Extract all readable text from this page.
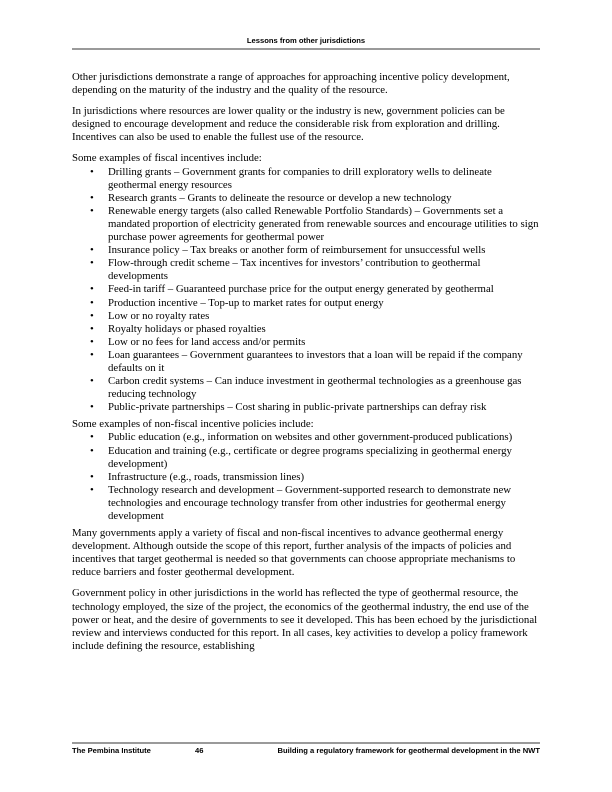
Lessons from other jurisdictions

Other jurisdictions demonstrate a range of approaches for approaching incentive policy development, depending on the maturity of the industry and the quality of the resource.

In jurisdictions where resources are lower quality or the industry is new, government policies can be designed to encourage development and reduce the considerable risk from exploration and drilling. Incentives can also be used to enable the fullest use of the resource.

Some examples of fiscal incentives include:

• Drilling grants – Government grants for companies to drill exploratory wells to delineate geothermal energy resources
• Research grants – Grants to delineate the resource or develop a new technology
• Renewable energy targets (also called Renewable Portfolio Standards) – Governments set a mandated proportion of electricity generated from renewable sources and encourage utilities to sign purchase power agreements for geothermal power
• Insurance policy – Tax breaks or another form of reimbursement for unsuccessful wells
• Flow-through credit scheme – Tax incentives for investors’ contribution to geothermal developments
• Feed-in tariff – Guaranteed purchase price for the output energy generated by geothermal
• Production incentive – Top-up to market rates for output energy
• Low or no royalty rates
• Royalty holidays or phased royalties
• Low or no fees for land access and/or permits
• Loan guarantees – Government guarantees to investors that a loan will be repaid if the company defaults on it
• Carbon credit systems – Can induce investment in geothermal technologies as a greenhouse gas reducing technology
• Public-private partnerships – Cost sharing in public-private partnerships can defray risk

Some examples of non-fiscal incentive policies include:

• Public education (e.g., information on websites and other government-produced publications)
• Education and training (e.g., certificate or degree programs specializing in geothermal energy development)
• Infrastructure (e.g., roads, transmission lines)
• Technology research and development – Government-supported research to demonstrate new technologies and encourage technology transfer from other industries for geothermal energy development

Many governments apply a variety of fiscal and non-fiscal incentives to advance geothermal energy development. Although outside the scope of this report, further analysis of the impacts of policies and incentives that target geothermal is needed so that governments can choose appropriate mechanisms to reduce barriers and foster geothermal development.

Government policy in other jurisdictions in the world has reflected the type of geothermal resource, the technology employed, the size of the project, the economics of the geothermal industry, the end use of the power or heat, and the desire of governments to see it developed. This has been echoed by the jurisdictional review and interviews conducted for this report. In all cases, key activities to develop a policy framework include defining the resource, establishing

The Pembina Institute	46	Building a regulatory framework for geothermal development in the NWT
